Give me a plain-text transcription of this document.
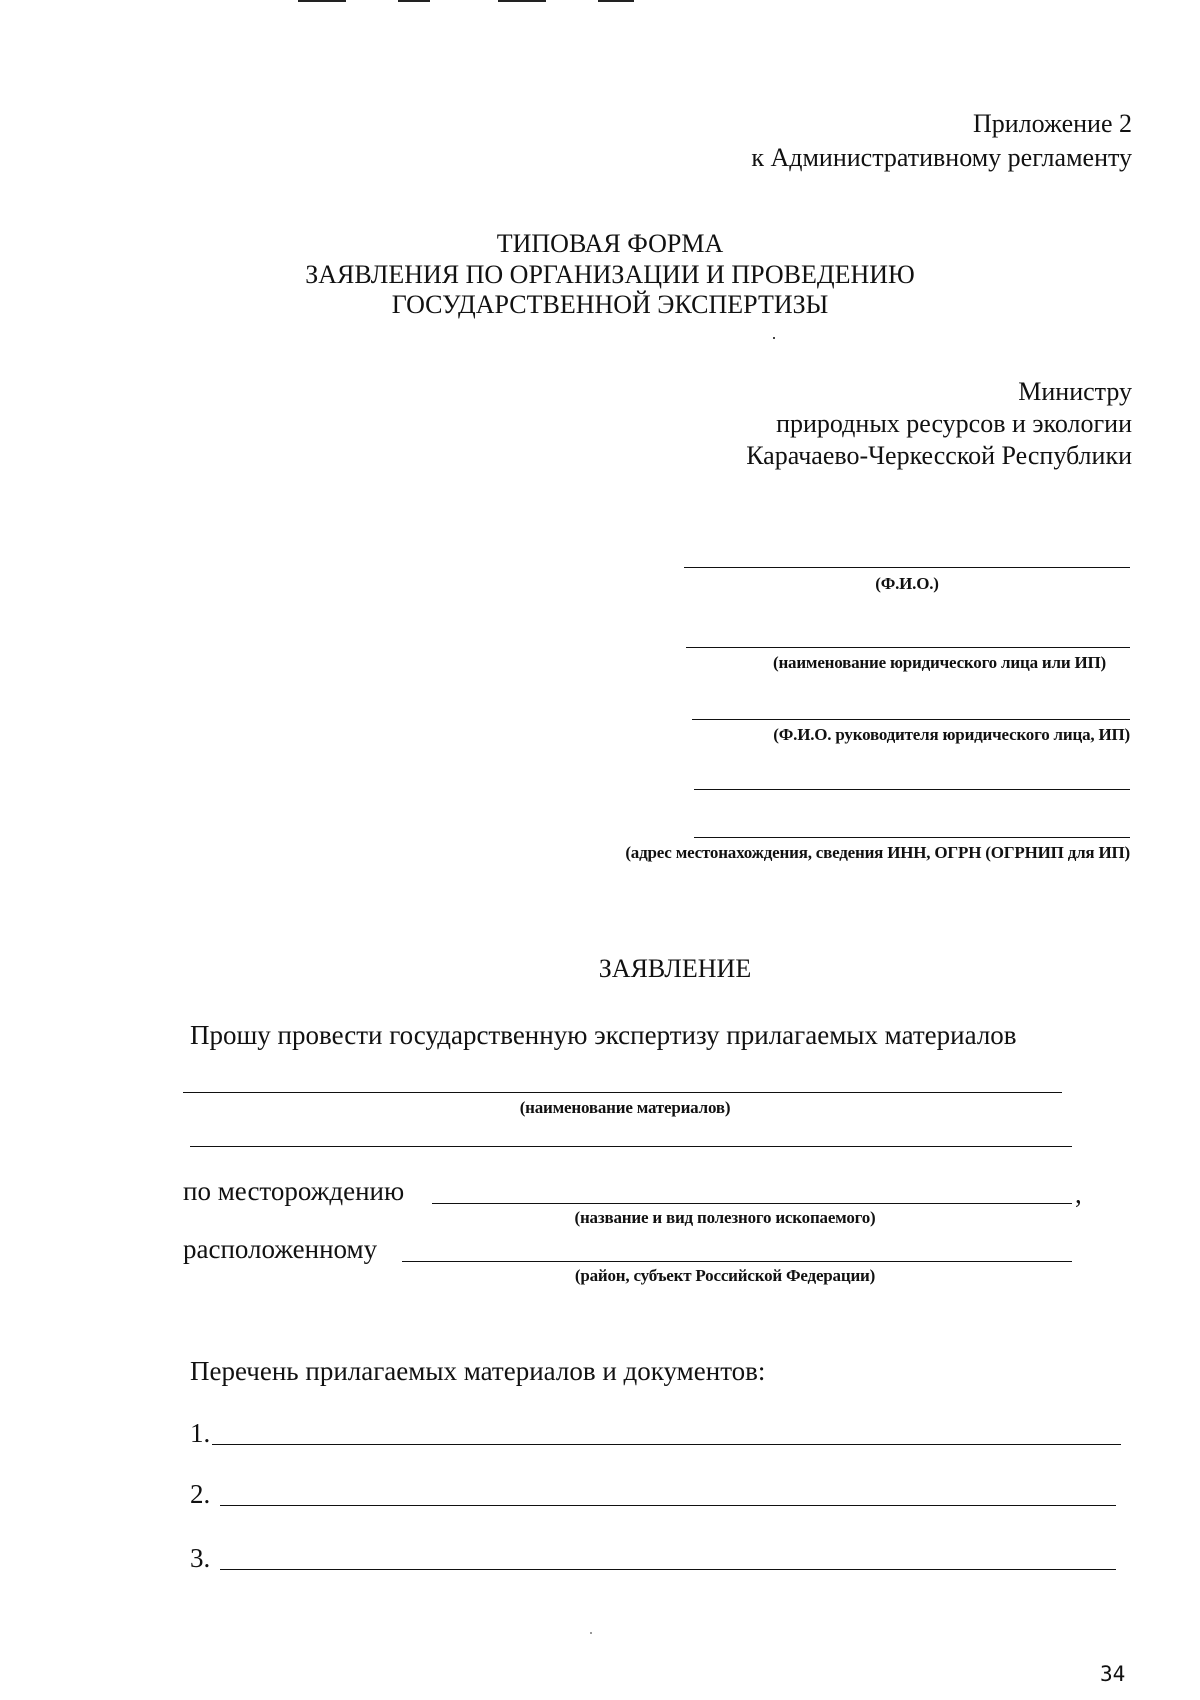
Приложение 2
к Административному регламенту
ТИПОВАЯ ФОРМА
ЗАЯВЛЕНИЯ ПО ОРГАНИЗАЦИИ И ПРОВЕДЕНИЮ
ГОСУДАРСТВЕННОЙ ЭКСПЕРТИЗЫ
Министру
природных ресурсов и экологии
Карачаево-Черкесской Республики
(Ф.И.О.)
(наименование юридического лица или ИП)
(Ф.И.О. руководителя юридического лица, ИП)
(адрес местонахождения, сведения ИНН, ОГРН (ОГРНИП для ИП)
ЗАЯВЛЕНИЕ
Прошу провести государственную экспертизу прилагаемых материалов
(наименование материалов)
по месторождению	,
(название и вид полезного ископаемого)
расположенному
(район, субъект Российской Федерации)
Перечень прилагаемых материалов и документов:
1.
2.
3.
34
